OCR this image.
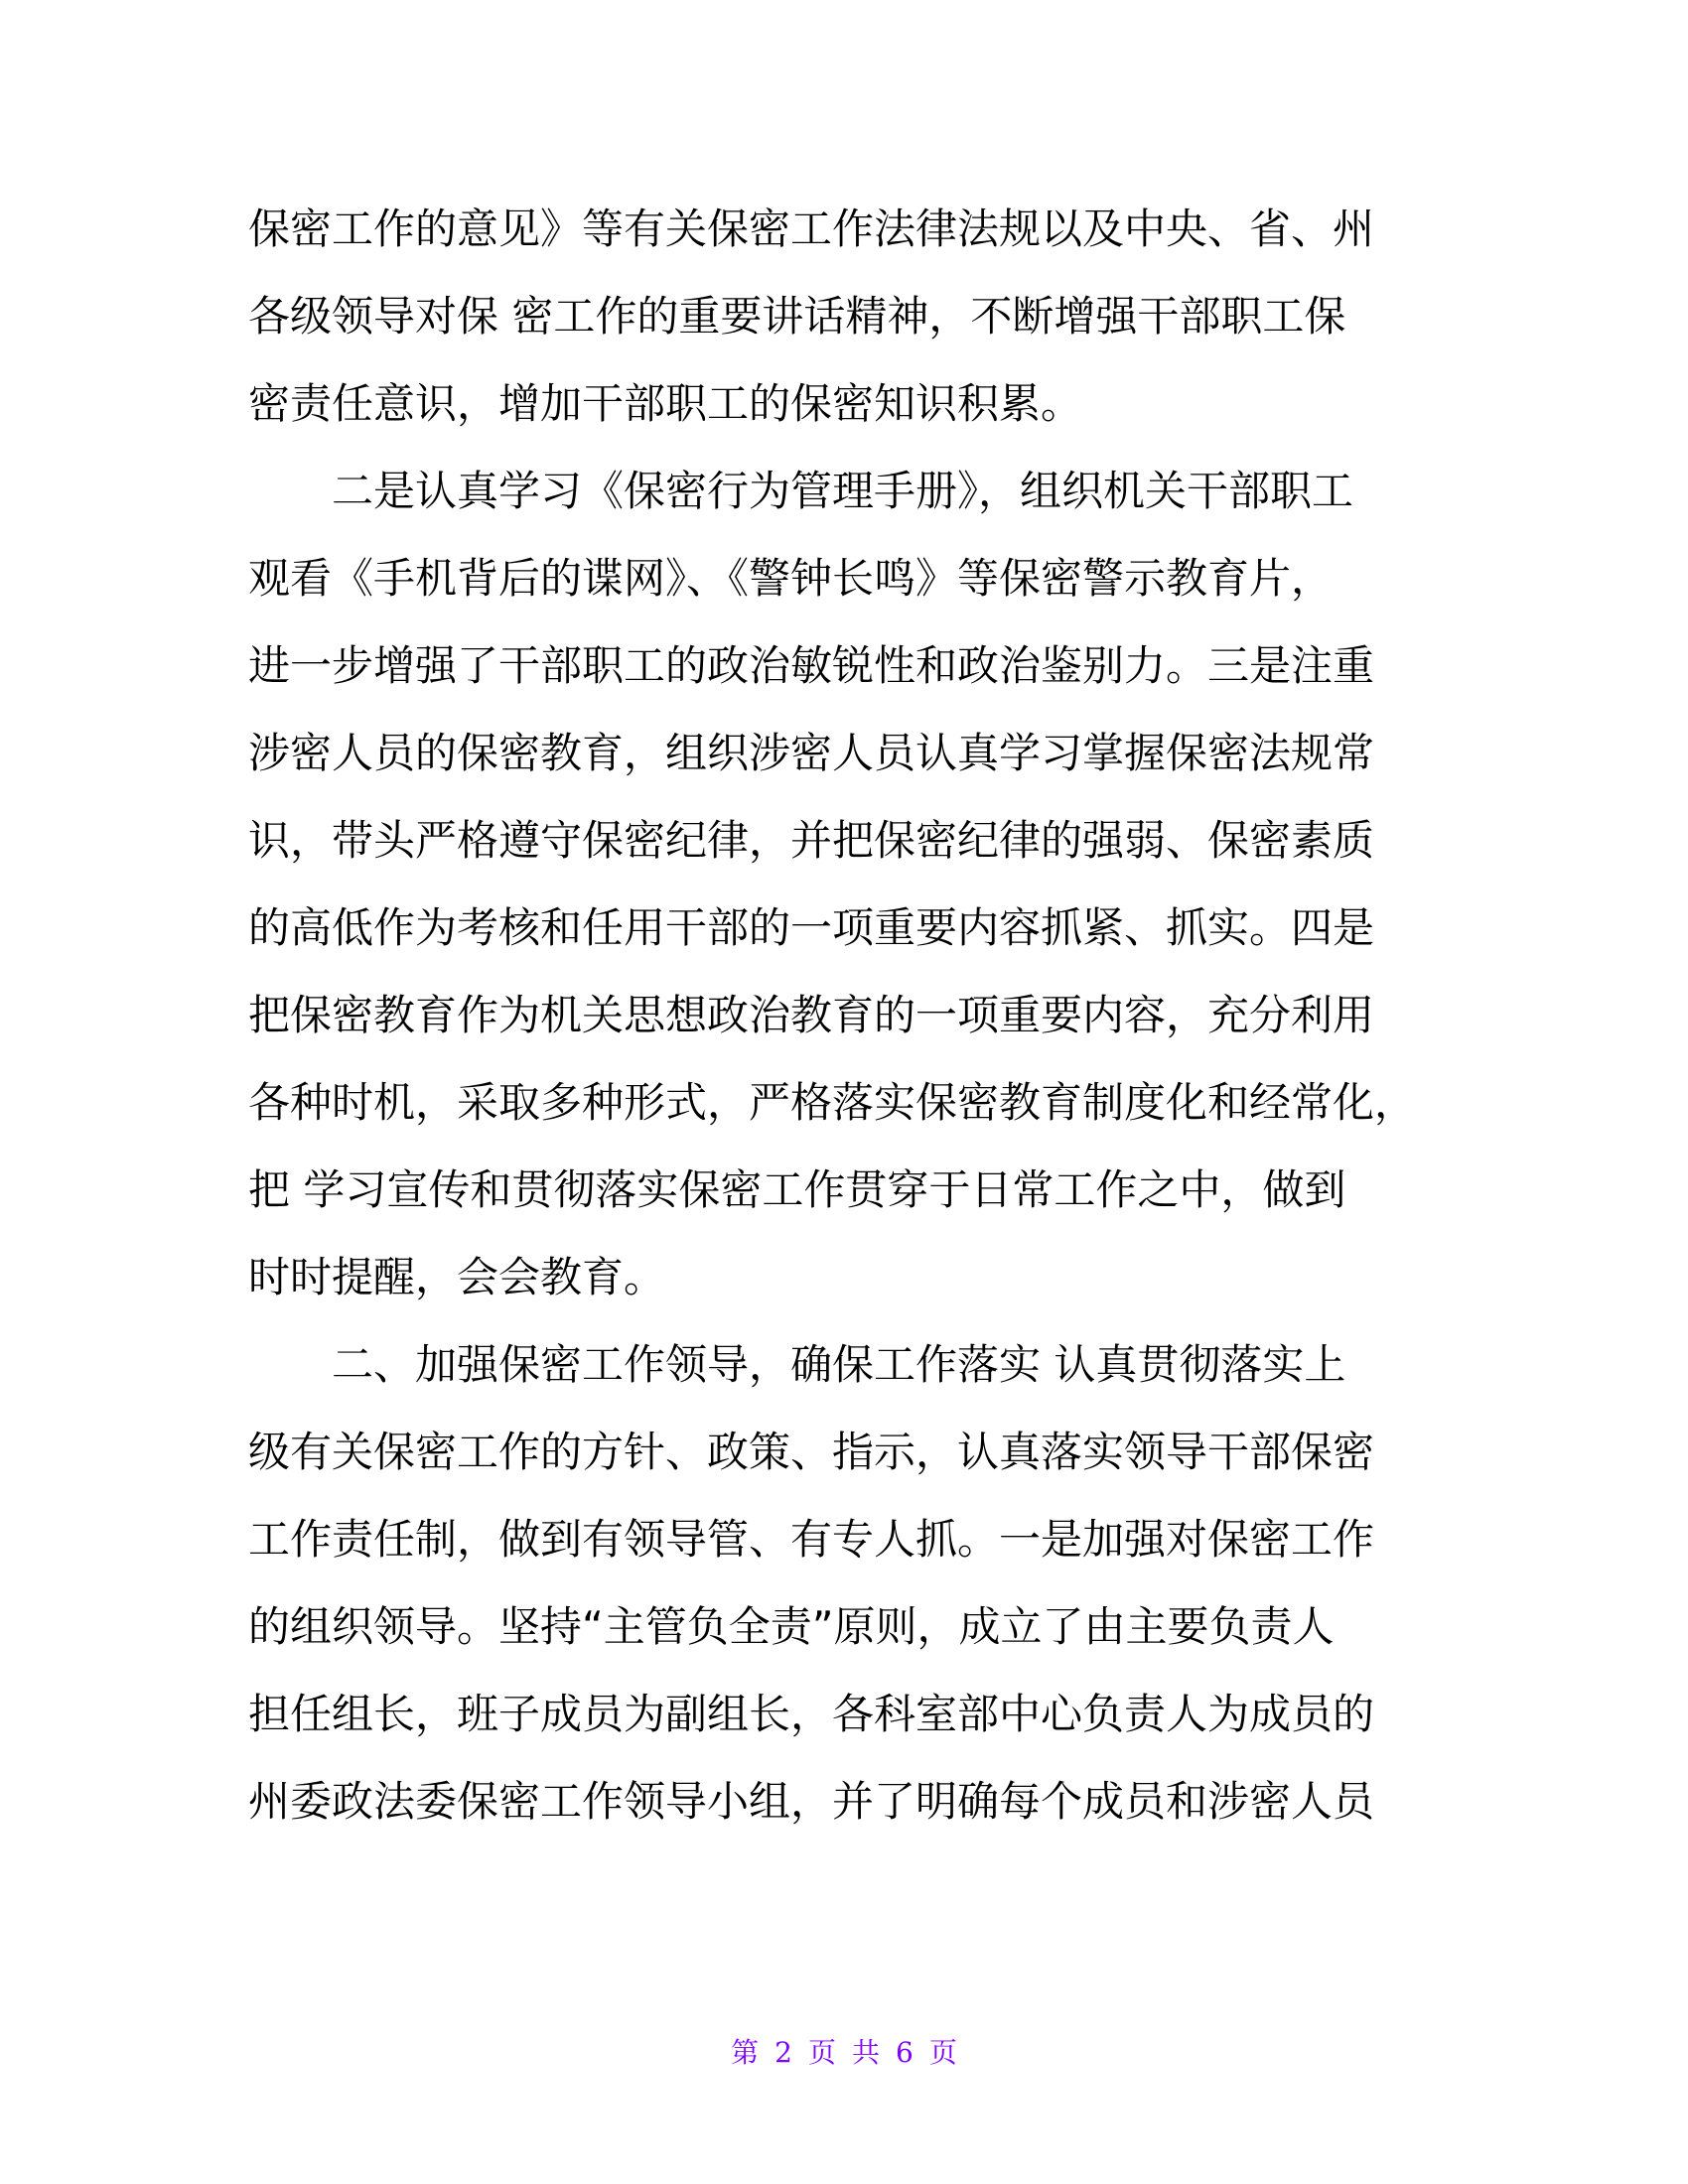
保密工作的意见》等有关保密工作法律法规以及中央、省、州
各级领导对保 密工作的重要讲话精神，不断增强干部职工保
密责任意识，增加干部职工的保密知识积累。
二是认真学习《保密行为管理手册》，组织机关干部职工
观看《手机背后的谍网》、《警钟长鸣》等保密警示教育片，
进一步增强了干部职工的政治敏锐性和政治鉴别力。三是注重
涉密人员的保密教育，组织涉密人员认真学习掌握保密法规常
识，带头严格遵守保密纪律，并把保密纪律的强弱、保密素质
的高低作为考核和任用干部的一项重要内容抓紧、抓实。四是
把保密教育作为机关思想政治教育的一项重要内容，充分利用
各种时机，采取多种形式，严格落实保密教育制度化和经常化，
把 学习宣传和贯彻落实保密工作贯穿于日常工作之中，做到
时时提醒，会会教育。
二、加强保密工作领导，确保工作落实 认真贯彻落实上
级有关保密工作的方针、政策、指示，认真落实领导干部保密
工作责任制，做到有领导管、有专人抓。一是加强对保密工作
的组织领导。坚持“主管负全责”原则，成立了由主要负责人
担任组长，班子成员为副组长，各科室部中心负责人为成员的
州委政法委保密工作领导小组，并了明确每个成员和涉密人员
第 2 页 共 6 页
